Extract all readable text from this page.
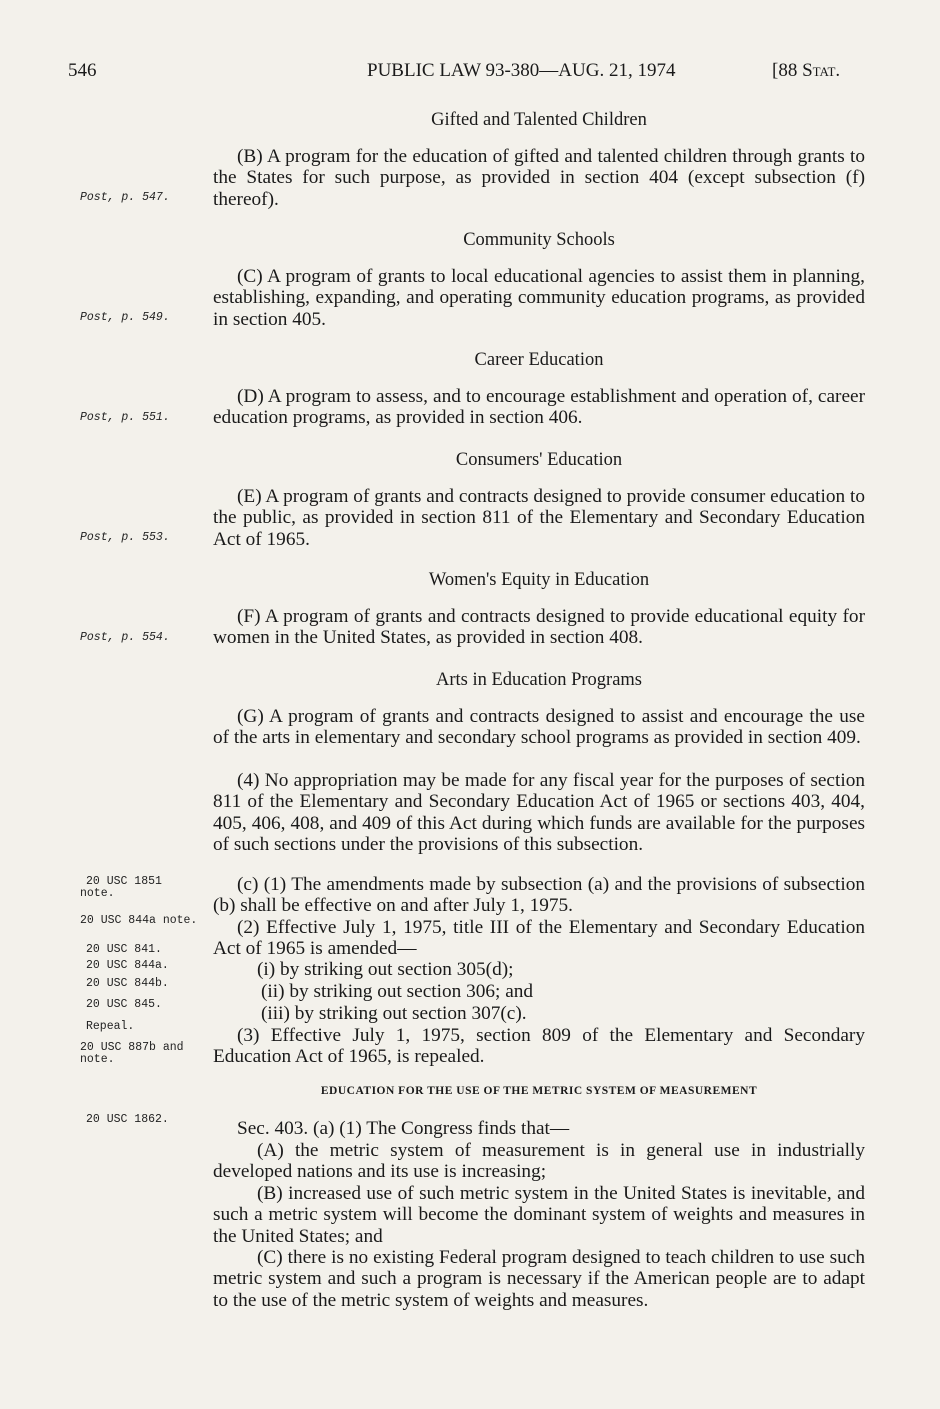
546	PUBLIC LAW 93-380—AUG. 21, 1974	[88 Stat.
Gifted and Talented Children
(B) A program for the education of gifted and talented children through grants to the States for such purpose, as provided in section 404 (except subsection (f) thereof).
Post, p. 547.
Community Schools
(C) A program of grants to local educational agencies to assist them in planning, establishing, expanding, and operating community education programs, as provided in section 405.
Post, p. 549.
Career Education
(D) A program to assess, and to encourage establishment and operation of, career education programs, as provided in section 406.
Post, p. 551.
Consumers' Education
(E) A program of grants and contracts designed to provide consumer education to the public, as provided in section 811 of the Elementary and Secondary Education Act of 1965.
Post, p. 553.
Women's Equity in Education
(F) A program of grants and contracts designed to provide educational equity for women in the United States, as provided in section 408.
Post, p. 554.
Arts in Education Programs
(G) A program of grants and contracts designed to assist and encourage the use of the arts in elementary and secondary school programs as provided in section 409.
(4) No appropriation may be made for any fiscal year for the purposes of section 811 of the Elementary and Secondary Education Act of 1965 or sections 403, 404, 405, 406, 408, and 409 of this Act during which funds are available for the purposes of such sections under the provisions of this subsection.
(c) (1) The amendments made by subsection (a) and the provisions of subsection (b) shall be effective on and after July 1, 1975.
(2) Effective July 1, 1975, title III of the Elementary and Secondary Education Act of 1965 is amended—
(i) by striking out section 305(d);
(ii) by striking out section 306; and
(iii) by striking out section 307(c).
(3) Effective July 1, 1975, section 809 of the Elementary and Secondary Education Act of 1965, is repealed.
EDUCATION FOR THE USE OF THE METRIC SYSTEM OF MEASUREMENT
Sec. 403. (a) (1) The Congress finds that—
(A) the metric system of measurement is in general use in industrially developed nations and its use is increasing;
(B) increased use of such metric system in the United States is inevitable, and such a metric system will become the dominant system of weights and measures in the United States; and
(C) there is no existing Federal program designed to teach children to use such metric system and such a program is necessary if the American people are to adapt to the use of the metric system of weights and measures.
20 USC 1851 note.
20 USC 844a note.
20 USC 841.
20 USC 844a.
20 USC 844b.
20 USC 845.
Repeal.
20 USC 887b and note.
20 USC 1862.
